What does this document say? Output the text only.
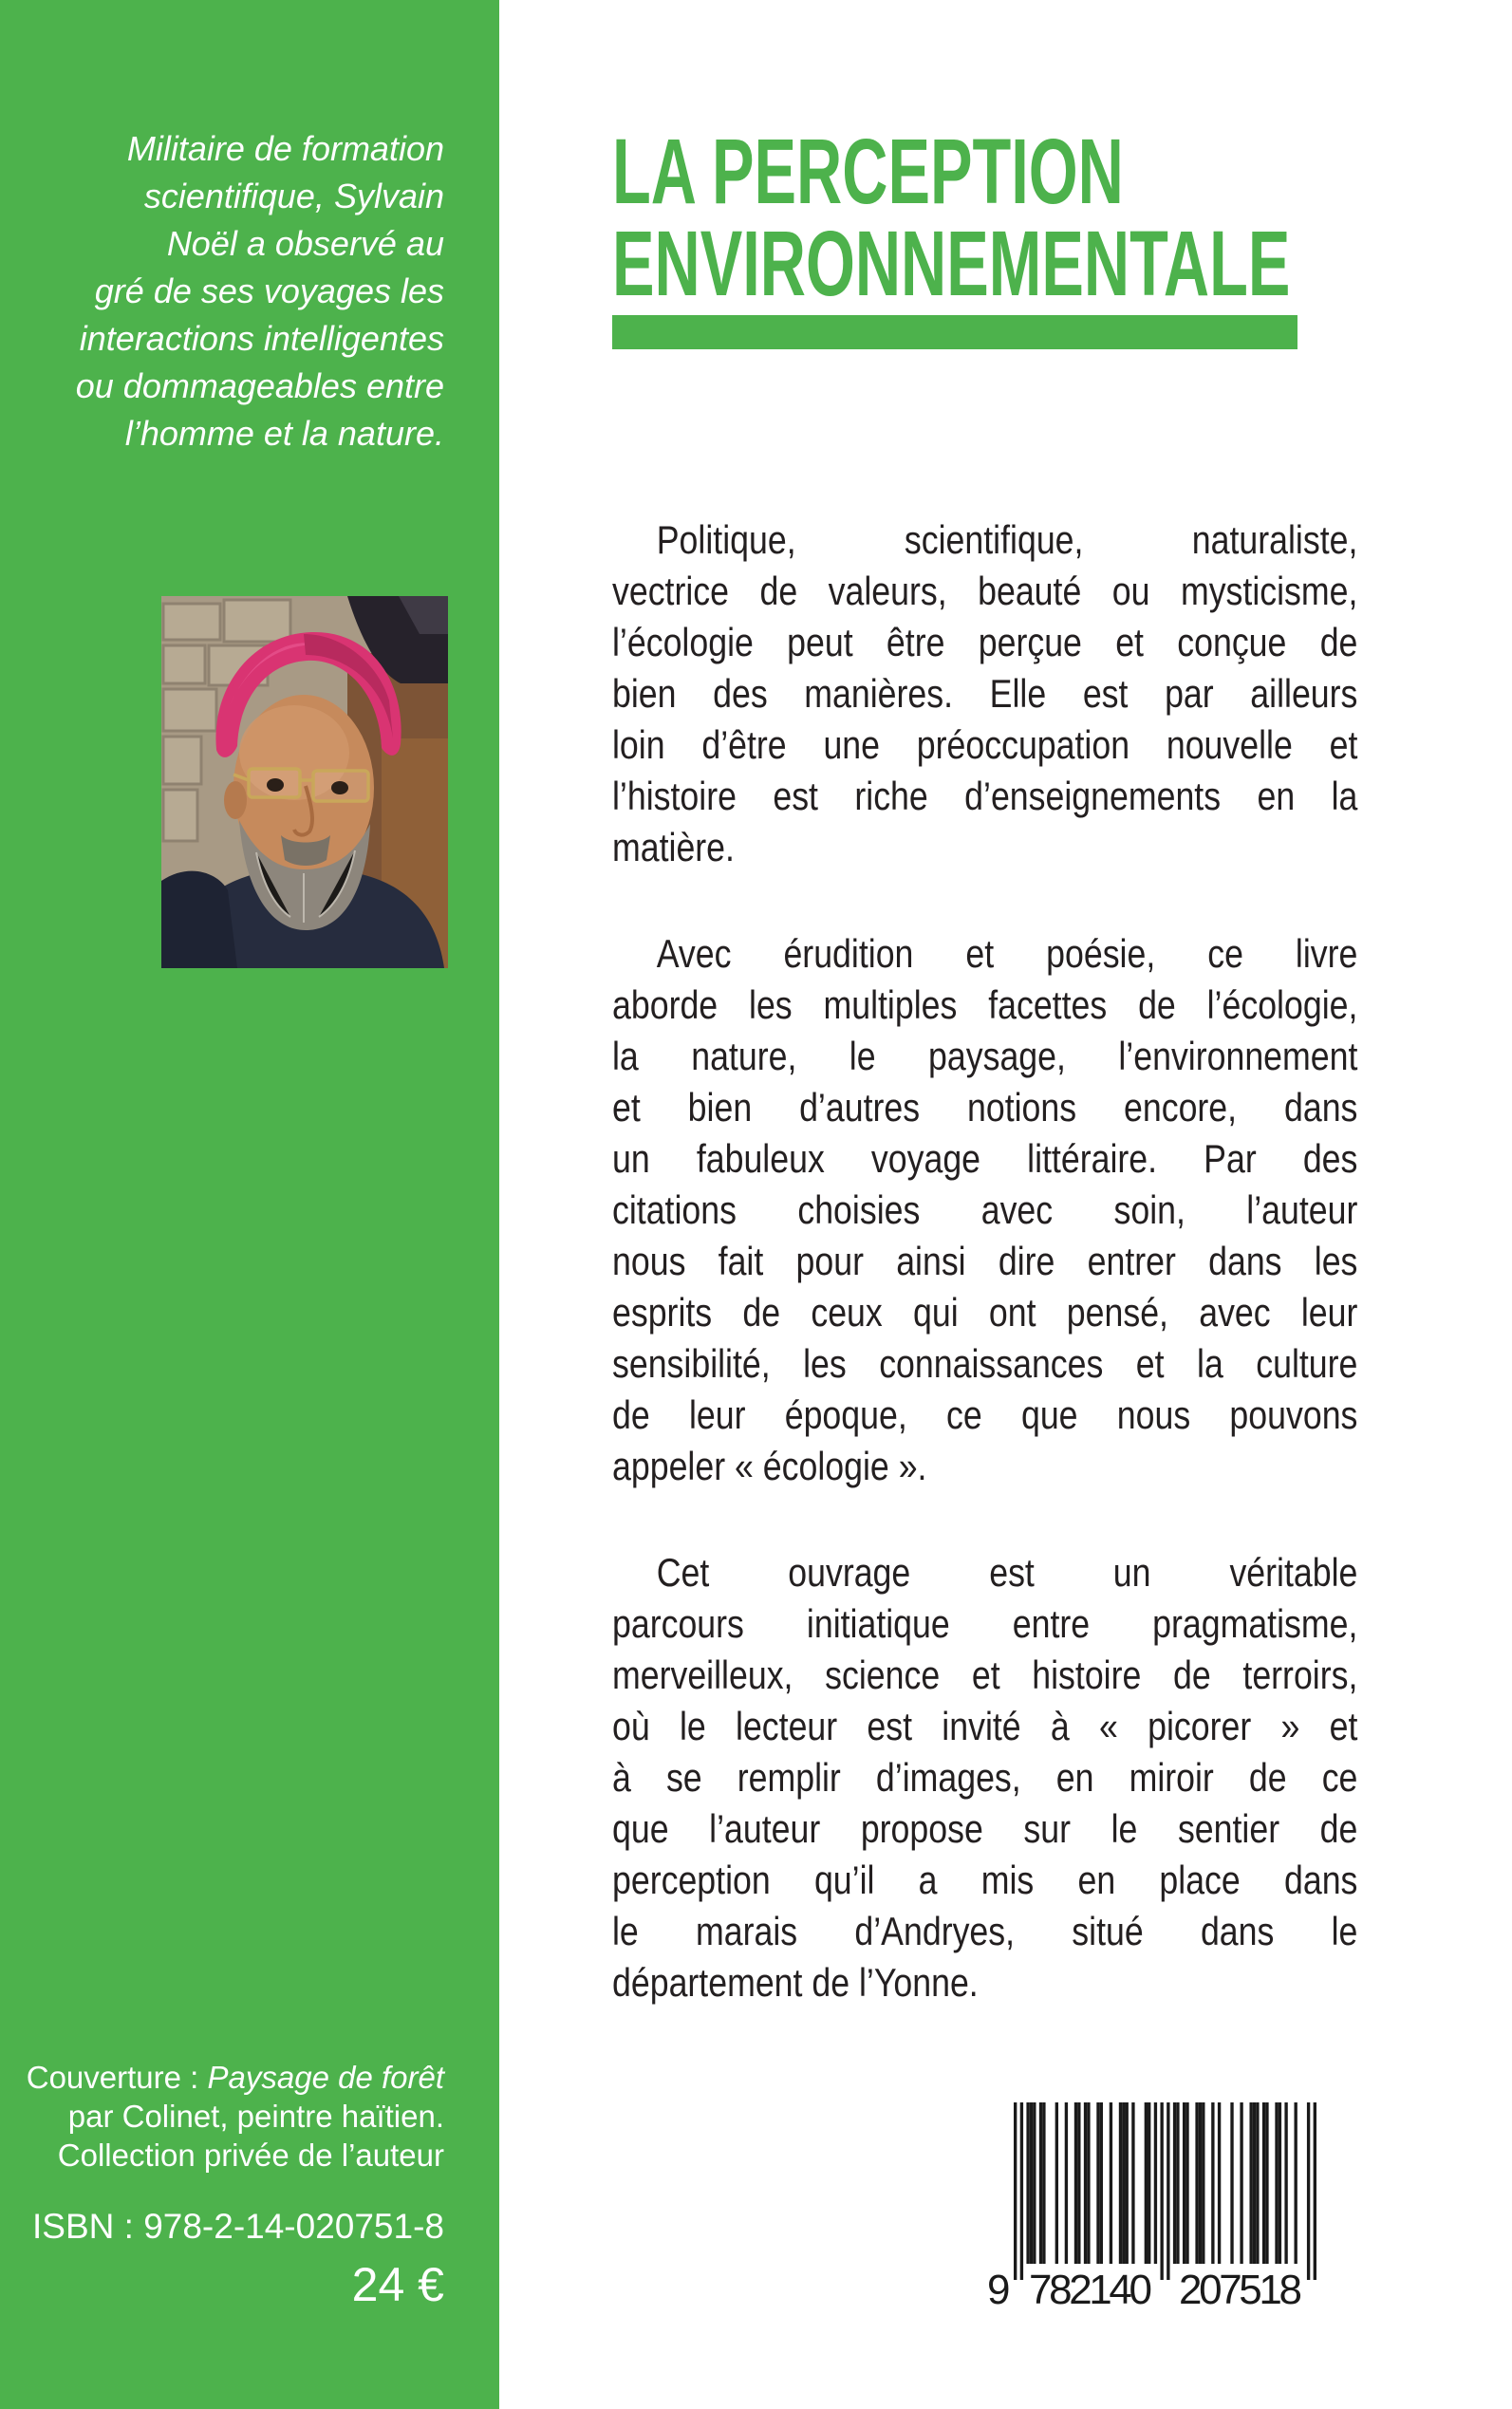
Militaire de formation
scientifique, Sylvain
Noël a observé au
gré de ses voyages les
interactions intelligentes
ou dommageables entre
l’homme et la nature.
Couverture : Paysage de forêt
par Colinet, peintre haïtien.
Collection privée de l’auteur
ISBN : 978-2-14-020751-8
24 €
LA PERCEPTION
ENVIRONNEMENTALE
Politique, scientifique, naturaliste,
vectrice de valeurs, beauté ou mysticisme,
l’écologie peut être perçue et conçue de
bien des manières. Elle est par ailleurs
loin d’être une préoccupation nouvelle et
l’histoire est riche d’enseignements en la
matière.
Avec érudition et poésie, ce livre
aborde les multiples facettes de l’écologie,
la nature, le paysage, l’environnement
et bien d’autres notions encore, dans
un fabuleux voyage littéraire. Par des
citations choisies avec soin, l’auteur
nous fait pour ainsi dire entrer dans les
esprits de ceux qui ont pensé, avec leur
sensibilité, les connaissances et la culture
de leur époque, ce que nous pouvons
appeler « écologie ».
Cet ouvrage est un véritable
parcours initiatique entre pragmatisme,
merveilleux, science et histoire de terroirs,
où le lecteur est invité à « picorer » et
à se remplir d’images, en miroir de ce
que l’auteur propose sur le sentier de
perception qu’il a mis en place dans
le marais d’Andryes, situé dans le
département de l’Yonne.
9 782140 207518
